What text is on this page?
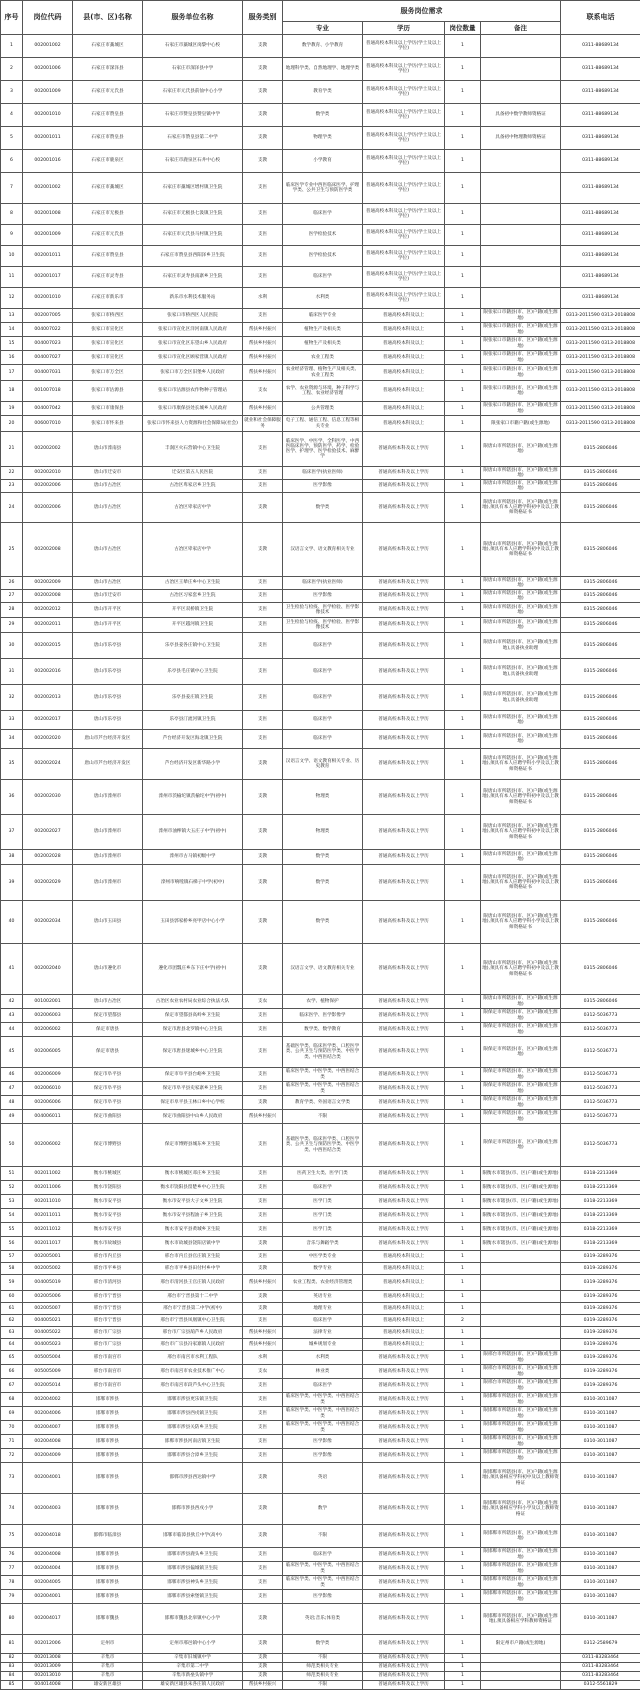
序号	岗位代码	县(市、区)名称	服务单位名称	服务类别	服务岗位需求				联系电话
					专业	学历	岗位数量	备注	
1	002001002	石家庄市藁城区	石家庄市藁城区岗黎中心校	支教	数学教育、小学教育	普通高校本科及以上学历(学士及以上学位)	1		0311-88689134
2	002001006	石家庄市深泽县	石家庄市深泽县中学	支教	地理科学类、自然地理学、地理学类	普通高校本科及以上学历(学士及以上学位)	1		0311-88689134
3	002001009	石家庄市元氏县	石家庄市元氏县前仙中心小学	支教	教育学类	普通高校本科及以上学历(学士及以上学位)	1		0311-88689134
4	002001010	石家庄市赞皇县	石家庄市赞皇县赞皇镇中学	支教	数学类	普通高校本科及以上学历(学士及以上学位)	1	具备初中数学教师资格证	0311-88689134
5	002001011	石家庄市赞皇县	石家庄市赞皇县第二中学	支教	物理学类	普通高校本科及以上学历(学士及以上学位)	1	具备初中物理教师资格证	0311-88689134
6	002001016	石家庄市鹿泉区	石家庄市鹿泉区石井中心校	支教	小学教育	普通高校本科及以上学历(学士及以上学位)	1		0311-88689134
7	002001002	石家庄市藁城区	石家庄市藁城区增村镇卫生院	支医	临床医学专业中西医临床医学、护理学类、公共卫生与预防医学类	普通高校本科及以上学历(学士及以上学位)	1		0311-88689134
8	002001008	石家庄市无极县	石家庄市无极县七汲镇卫生院	支医	临床医学	普通高校本科及以上学历(学士及以上学位)	1		0311-88689134
9	002001009	石家庄市元氏县	石家庄市元氏县马村镇卫生院	支医	医学检验技术	普通高校本科及以上学历(学士及以上学位)	1		0311-88689134
10	002001011	石家庄市赞皇县	石家庄市赞皇县西阳泽乡卫生院	支医	医学检验技术	普通高校本科及以上学历(学士及以上学位)	1		0311-88689134
11	002001017	石家庄市灵寿县	石家庄市灵寿县南寨乡卫生院	支医	临床医学	普通高校本科及以上学历(学士及以上学位)	1		0311-88689134
12	002001010	石家庄市新乐市	新乐市水利技术服务站	水利	水利类	普通高校本科及以上学历(学士及以上学位)	1		0311-88689134
13	002007005	张家口市桥西区	张家口市桥西区人民医院	支医	临床医学专业	普通高校本科及以上	1	限张家口市籍县(市、区)户籍(或生源地)	0313-2011590 0313-2018808
14	004007022	张家口市宣化区	张家口市宣化区洋河南镇人民政府	帮扶乡村振兴	植物生产及相关类	普通高校本科及以上	1	限张家口市籍县(市、区)户籍(或生源地)	0313-2011590 0313-2018808
15	004007023	张家口市宣化区	张家口市宣化区东望山乡人民政府	帮扶乡村振兴	植物生产及相关类	普通高校本科及以上	1	限张家口市籍县(市、区)户籍(或生源地)	0313-2011590 0313-2018808
16	004007027	张家口市宣化区	张家口市宣化区顾家营镇人民政府	帮扶乡村振兴	农业工程类	普通高校本科及以上	1	限张家口市籍县(市、区)户籍(或生源地)	0313-2011590 0313-2018808
17	004007031	张家口市万全区	张家口市万全区旧堡乡人民政府	帮扶乡村振兴	农业经济管理、植物生产及相关类、农业工程类	普通高校本科及以上	1	限张家口市籍县(市、区)户籍(或生源地)	0313-2011590 0313-2018808
18	001007018	张家口市沽源县	张家口市沽源县农作物种子管理站	支农	农学、农业资源与环境、种子科学与工程、农业经济管理	普通高校本科及以上	1	限张家口市籍县(市、区)户籍(或生源地)	0313-2011590 0313-2018808
19	004007042	张家口市康保县	张家口市康保县处长城乡人民政府	帮扶乡村振兴	公共管理类	普通高校本科及以上	1	限张家口市籍县(市、区)户籍(或生源地)	0313-2011590 0313-2018808
20	006007010	张家口市怀来县	张家口市怀来县人力资源和社会保障局(社会)	就业和社会保障服务	电子工程、通信工程、信息工程等相关专业	普通高校本科及以上	1	限张家口市籍户籍(或生源地)	0313-2011590 0313-2018808
21	002002002	唐山市滦南县	丰润区火石营镇中心卫生院	支医	临床医学、中医学、全科医学、中西医临床医学、预防医学、药学、检验医学、护理学、医学检验技术、麻醉学	普通高校本科及以上学历	1	限唐山市所辖县(市、区)户籍(或生源地)	0315-2806046
22	002002010	唐山市迁安市	迁安区第五人民医院	支医	临床医学(执业医师)	普通高校本科及以上学历	1	限唐山市所辖县(市、区)户籍(或生源地)	0315-2806046
23	002002006	唐山市古冶区	古冶区卑家店乡卫生院	支医	医学影像	普通高校本科及以上学历	1	限唐山市所辖县(市、区)户籍(或生源地)	0315-2806046
24	002002006	唐山市古冶区	古冶区卑家店中学	支教	数学类	普通高校本科及以上学历	1	限唐山市所辖县(市、区)户籍(或生源地),须具有本人应聘学科初中及以上教师资格证书	0315-2806046
25	002002008	唐山市古冶区	古冶区卑家店中学	支教	汉语言文学、语文教育相关专业	普通高校本科及以上学历	1	限唐山市所辖县(市、区)户籍(或生源地),须具有本人应聘学科初中及以上教师资格证书	0315-2806046
26	002002009	唐山市古冶区	古冶区王辇庄乡中心卫生院	支医	临床医学(执业医师)	普通高校本科及以上学历	1	限唐山市所辖县(市、区)户籍(或生源地)	0315-2806046
27	002002008	唐山市迁安市	古冶区习家套乡卫生院	支医	医学影像	普通高校本科及以上学历	1	限唐山市所辖县(市、区)户籍(或生源地)	0315-2806046
28	002002012	唐山市开平区	开平区双桥镇卫生院	支医	卫生检验与检疫、医学检验、医学影像技术	普通高校本科及以上学历	1	限唐山市所辖县(市、区)户籍(或生源地)	0315-2806046
29	002002011	唐山市开平区	开平区越河镇卫生院	支医	卫生检验与检疫、医学检验、医学影像技术	普通高校本科及以上学历	1	限唐山市所辖县(市、区)户籍(或生源地)	0315-2806046
30	002002015	唐山市乐亭县	乐亭县姜各庄镇中心卫生院	支医	临床医学	普通高校本科及以上学历	1	限唐山市所辖县(市、区)户籍(或生源地),具备执业助理	0315-2806046
31	002002016	唐山市乐亭县	乐亭县毛庄镇中心卫生院	支医	临床医学	普通高校本科及以上学历	1	限唐山市所辖县(市、区)户籍(或生源地),具备执业助理	0315-2806046
32	002002013	唐山市乐亭县	乐亭县姜庄镇卫生院	支医	临床医学	普通高校本科及以上学历	1	限唐山市所辖县(市、区)户籍(或生源地),具备执业助理	0315-2806046
33	002002017	唐山市乐亭县	乐亭县汀流河镇卫生院	支医	临床医学	普通高校本科及以上学历	1	限唐山市所辖县(市、区)户籍(或生源地)	0315-2806046
34	002002020	唐山市芦台经济开发区	芦台经济开发区海北镇卫生院	支医	临床医学	普通高校本科及以上学历	1	限唐山市所辖县(市、区)户籍(或生源地)	0315-2806046
35	002002024	唐山市芦台经济开发区	芦台经济开发区新华路小学	支教	汉语言文学、语文教育相关专业、历史教育	普通高校本科及以上学历	1	限唐山市所辖县(市、区)户籍(或生源地),须具有本人应聘学科小学及以上教师资格证书	0315-2806046
36	002002030	唐山市滦州市	滦州市茨榆坨镇茨榆坨中学(初中)	支教	物理类	普通高校本科及以上学历	1	限唐山市所辖县(市、区)户籍(或生源地),须具有本人应聘学科初中及以上教师资格证书	0315-2806046
37	002002027	唐山市滦州市	滦州市油榨镇大五庄子中学(初中)	支教	物理类	普通高校本科及以上学历	1	限唐山市所辖县(市、区)户籍(或生源地),须具有本人应聘学科初中及以上教师资格证书	0315-2806046
38	002002028	唐山市滦州市	滦州市古马镇初级中学	支教	数学类	普通高校本科及以上学历	1	限唐山市所辖县(市、区)户籍(或生源地)	0315-2806046
39	002002029	唐山市滦州市	滦州市响嘡镇石梯子中学(初中)	支教	数学类	普通高校本科及以上学历	1	限唐山市所辖县(市、区)户籍(或生源地),须具有本人应聘学科初中及以上教师资格证书	0315-2806046
40	002002034	唐山市玉田县	玉田县郭家桥乡亮甲店中心小学	支教	数学类	普通高校本科及以上学历	1	限唐山市所辖县(市、区)户籍(或生源地),须具有本人应聘学科小学及以上教师资格证书	0315-2806046
41	002002040	唐山市遵化市	遵化市团瓢庄乡东下庄中学(初中)	支教	汉语言文学、语文教育相关专业	普通高校本科及以上学历	1	限唐山市所辖县(市、区)户籍(或生源地),须具有本人应聘学科初中及以上教师资格证书	0315-2806046
42	001002001	唐山市古冶区	古冶区农业农村局农业综合执法大队	支农	农学、植物保护	普通高校本科及以上学历	1	限唐山市所辖县(市、区)户籍(或生源地)	0315-2806046
43	002006003	保定市望都县	保定市望都县高岭乡卫生院	支医	临床医学、医学影像学	普通高校本科及以上学历	1	限保定市所辖县(市、区)户籍(或生源地)	0312-5036773
44	002006002	保定市唐县	保定市唐县北罗镇中心卫生院	支医	数学类、数学教育	普通高校本科及以上学历	1	限保定市所辖县(市、区)户籍(或生源地)	0312-5036773
45	002006005	保定市唐县	保定市唐县迷城乡中心卫生院	支医	基础医学类、临床医学类、口腔医学类、公共卫生与预防医学类、中医学类、中西医结合类	普通高校本科及以上学历	1	限保定市所辖县(市、区)户籍(或生源地)	0312-5036773
46	002006009	保定市阜平县	保定市阜平县台峪乡卫生院	支医	临床医学类、中医学类、中西医结合类	普通高校本科及以上学历	1	限保定市所辖县(市、区)户籍(或生源地)	0312-5036773
47	002006010	保定市阜平县	保定市阜平县史家寨乡卫生院	支医	临床医学类、中医学类、中西医结合类	普通高校本科及以上学历	1	限保定市所辖县(市、区)户籍(或生源地)	0312-5036773
48	002006006	保定市阜平县	保定市阜平县王林口乡中心学校	支教	教育学类、外国语言文学类	普通高校本科及以上学历	1	限保定市所辖县(市、区)户籍(或生源地)	0312-5036773
49	004006011	保定市曲阳县	保定市曲阳县中山乡人民政府	帮扶乡村振兴	不限	普通高校本科及以上学历	1	限保定市所辖县(市、区)户籍(或生源地)	0312-5036773
50	002006002	保定市博野县	保定市博野县城东乡卫生院	支医	基础医学类、临床医学类、口腔医学类、公共卫生与预防医学类、中医学类、中西医结合类	普通高校本科及以上学历	1	限保定市所辖县(市、区)户籍(或生源地)	0312-5036773
51	002011002	衡水市桃城区	衡水市桃城区邓庄乡卫生院	支医	医药卫生大类、医学门类	普通高校本科及以上学历	1	限衡水市辖县(市、区)户籍(或生源地)	0318-2213369
52	002011006	衡水市饶阳县	衡水市饶阳县留楚乡中心卫生院	支医	临床医学	普通高校本科及以上学历	1	限衡水市辖县(市、区)户籍(或生源地)	0318-2213369
53	002011010	衡水市安平县	衡水市安平县大子文乡卫生院	支医	医学门类	普通高校本科及以上学历	1	限衡水市辖县(市、区)户籍(或生源地)	0318-2213369
54	002011011	衡水市安平县	衡水市安平县程油子乡卫生院	支医	医学门类	普通高校本科及以上学历	1	限衡水市辖县(市、区)户籍(或生源地)	0318-2213369
55	002011012	衡水市安平县	衡水市安平县黄城乡卫生院	支医	医学门类	普通高校本科及以上学历	1	限衡水市辖县(市、区)户籍(或生源地)	0318-2213369
56	002011017	衡水市故城县	衡水市故城县饶阳店镇中学	支教	音乐与舞蹈学类	普通高校本科及以上学历	1	限衡水市辖县(市、区)户籍(或生源地)	0318-2213369
57	002005001	邢台市内丘县	邢台市内丘县官庄镇卫生院	支医	中医学类专业	普通高校本科及以上	1		0319-3289376
58	002005002	邢台市平乡县	邢台市平乡县田付村乡中学	支教	数学专业	普通高校本科及以上	1		0319-3289376
59	004005019	邢台市清河县	邢台市清河县王官庄镇人民政府	帮扶乡村振兴	农业工程类、农业经济管理类	普通高校本科及以上	1		0319-3289376
60	002005006	邢台市宁晋县	邢台市宁晋县第十二中学	支教	英语专业	普通高校本科及以上	1		0319-3289376
61	002005007	邢台市宁晋县	邢台市宁晋县第二中学(初中)	支教	地理专业	普通高校本科及以上	1		0319-3289376
62	004005021	邢台市宁晋县	邢台市宁晋县凤凰镇中心卫生院	支医	临床医学	普通高校本科及以上	2		0319-3289376
63	004005022	邢台市广宗县	邢台市广宗县葫芦乡人民政府	帮扶乡村振兴	法律专业	普通高校本科及以上	1		0319-3289376
64	004005023	邢台市广宗县	邢台市广宗县冯家寨镇人民政府	帮扶乡村振兴	城乡规划专业	普通高校本科及以上	1		0319-3289376
65	005005004	邢台市南宫市	邢台市南宫市水利工程队	水利	水利类	普通高校本科及以上学历	1	限邢台市所辖县(市、区)户籍(或生源地)	0319-3289376
66	005005009	邢台市南宫市	邢台市南宫市农业技术推广中心	支农	林业类	普通高校本科及以上学历	1	限邢台市所辖县(市、区)户籍(或生源地)	0319-3289376
67	002005014	邢台市南宫市	邢台市南宫市段芦头中心卫生院	支医	临床医学	普通高校本科及以上学历	1	限邢台市所辖县(市、区)户籍(或生源地)	0319-3289376
68	002004002	邯郸市涉县	邯郸市涉县更乐镇卫生院	支医	临床医学类、中医学类、中西医结合类	普通高校本科及以上学历	1	限邯郸市所辖县(市、区)户籍(或生源地)	0310-3011087
69	002004006	邯郸市涉县	邯郸市涉县西戌镇卫生院	支医	临床医学类、中医学类、中西医结合类	普通高校本科及以上学历	1	限邯郸市所辖县(市、区)户籍(或生源地)	0310-3011087
70	002004007	邯郸市涉县	邯郸市涉县关防乡卫生院	支医	临床医学类、中医学类、中西医结合类	普通高校本科及以上学历	1	限邯郸市所辖县(市、区)户籍(或生源地)	0310-3011087
71	002004008	邯郸市涉县	邯郸市涉县河南店镇卫生院	支医	医学影像	普通高校本科及以上学历	1	限邯郸市所辖县(市、区)户籍(或生源地)	0310-3011087
72	002004009	邯郸市涉县	邯郸市涉县合漳乡卫生院	支医	医学影像	普通高校本科及以上学历	1	限邯郸市所辖县(市、区)户籍(或生源地)	0310-3011087
73	002004001	邯郸市涉县	邯郸市涉县西达镇中学	支教	英语	普通高校本科及以上学历	1	限邯郸市所辖县(市、区)户籍(或生源地),须具备相应学科初中及以上教师资格证	0310-3011087
74	002004003	邯郸市涉县	邯郸市涉县西戌小学	支教	数学	普通高校本科及以上学历	1	限邯郸市所辖县(市、区)户籍(或生源地),须具备相应学科小学及以上教师资格证	0310-3011087
75	002004018	邯郸市临漳县	邯郸市临漳县狄丘中学(高中)	支教	不限	普通高校本科及以上学历	1	限邯郸市所辖县(市、区)户籍(或生源地)	0310-3011087
76	002004008	邯郸市涉县	邯郸市涉县鹿头乡卫生院	支医	临床医学	普通高校本科及以上学历	1	限邯郸市所辖县(市、区)户籍(或生源地)	0310-3011087
77	002004004	邯郸市涉县	邯郸市涉县偏城镇卫生院	支医	临床医学类、中医学类、中西医结合类	普通高校本科及以上学历	1	限邯郸市所辖县(市、区)户籍(或生源地)	0310-3011087
78	002004005	邯郸市涉县	邯郸市涉县神头乡卫生院	支医	临床医学类、中医学类、中西医结合类	普通高校本科及以上学历	1	限邯郸市所辖县(市、区)户籍(或生源地)	0310-3011087
79	002004001	邯郸市涉县	邯郸市涉县索堡镇卫生院	支医	医学影像	普通高校本科及以上学历	1	限邯郸市所辖县(市、区)户籍(或生源地)	0310-3011087
80	002004017	邯郸市魏县	邯郸市魏县北皋镇中心小学	支教	英语;音乐;体育类	普通高校本科及以上学历	1	限邯郸市所辖县(市、区)户籍(或生源地),须具备相应学科教师资格证	0310-3011087
81	002012006	定州市	定州市邢邑镇中心小学	支教	数学类	普通高校本科及以上学历	1	限定州市户籍(或生源地)	0312-2589679
82	002013008	辛集市	辛集市旧城镇中学	支教	不限	普通高校本科及以上学历	1		0311-83283464
83	002013009	辛集市	辛集市第二中学	支教	师范类相关专业	普通高校本科及以上学历	1		0311-83283464
84	002013010	辛集市	辛集市新垒头镇中学	支教	师范类相关专业	普通高校本科及以上学历	1		0311-83283464
85	004014008	雄安新区雄县	雄安新区雄县朱各庄镇人民政府	帮扶乡村振兴	不限	普通高校本科及以上学历	1		0312-5561829
